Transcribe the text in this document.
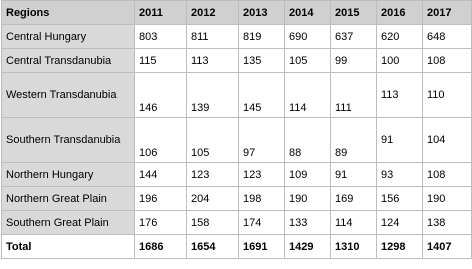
Regions	2011	2012	2013	2014	2015	2016	2017
Central Hungary	803	811	819	690	637	620	648
Central Transdanubia	115	113	135	105	99	100	108
Western Transdanubia	146	139	145	114	111	113	110
Southern Transdanubia	106	105	97	88	89	91	104
Northern Hungary	144	123	123	109	91	93	108
Northern Great Plain	196	204	198	190	169	156	190
Southern Great Plain	176	158	174	133	114	124	138
Total	1686	1654	1691	1429	1310	1298	1407
